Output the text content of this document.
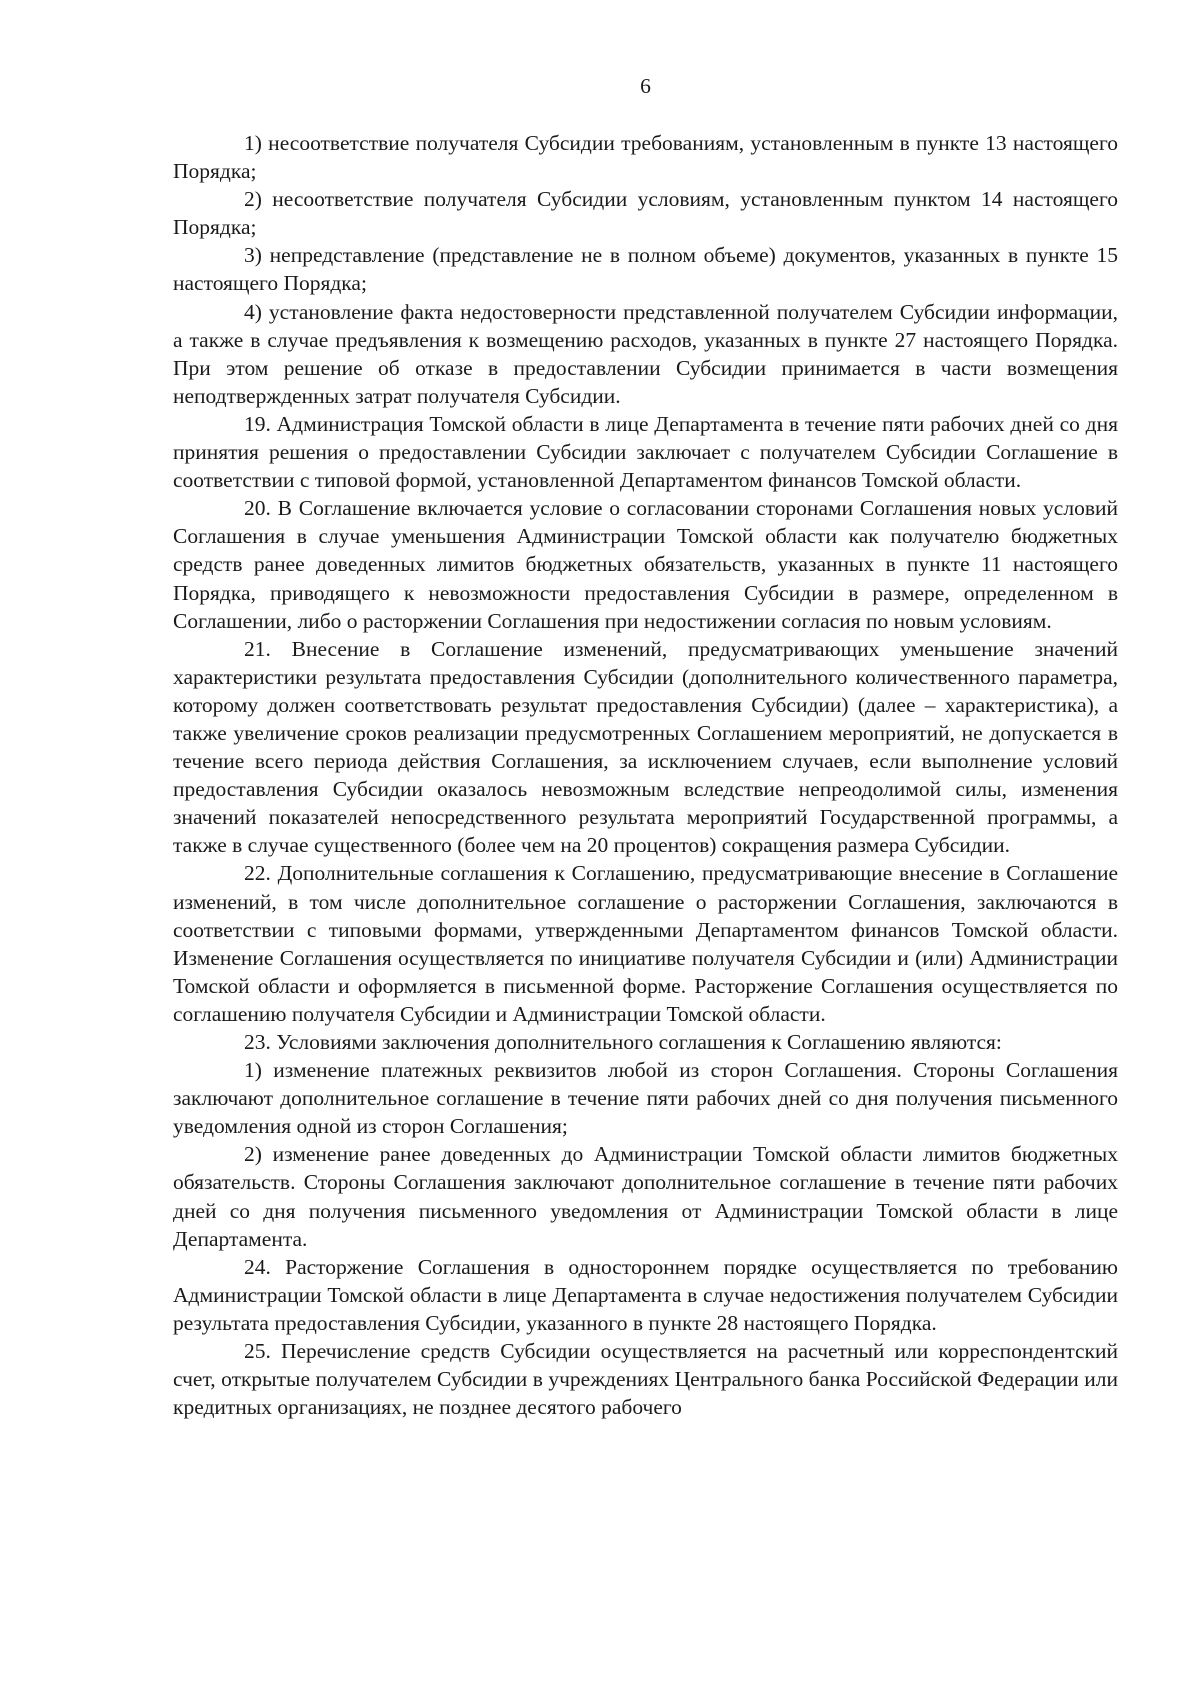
6

1) несоответствие получателя Субсидии требованиям, установленным в пункте 13 настоящего Порядка;

2) несоответствие получателя Субсидии условиям, установленным пунктом 14 настоящего Порядка;

3) непредставление (представление не в полном объеме) документов, указанных в пункте 15 настоящего Порядка;

4) установление факта недостоверности представленной получателем Субсидии информации, а также в случае предъявления к возмещению расходов, указанных в пункте 27 настоящего Порядка. При этом решение об отказе в предоставлении Субсидии принимается в части возмещения неподтвержденных затрат получателя Субсидии.

19. Администрация Томской области в лице Департамента в течение пяти рабочих дней со дня принятия решения о предоставлении Субсидии заключает с получателем Субсидии Соглашение в соответствии с типовой формой, установленной Департаментом финансов Томской области.

20. В Соглашение включается условие о согласовании сторонами Соглашения новых условий Соглашения в случае уменьшения Администрации Томской области как получателю бюджетных средств ранее доведенных лимитов бюджетных обязательств, указанных в пункте 11 настоящего Порядка, приводящего к невозможности предоставления Субсидии в размере, определенном в Соглашении, либо о расторжении Соглашения при недостижении согласия по новым условиям.

21. Внесение в Соглашение изменений, предусматривающих уменьшение значений характеристики результата предоставления Субсидии (дополнительного количественного параметра, которому должен соответствовать результат предоставления Субсидии) (далее – характеристика), а также увеличение сроков реализации предусмотренных Соглашением мероприятий, не допускается в течение всего периода действия Соглашения, за исключением случаев, если выполнение условий предоставления Субсидии оказалось невозможным вследствие непреодолимой силы, изменения значений показателей непосредственного результата мероприятий Государственной программы, а также в случае существенного (более чем на 20 процентов) сокращения размера Субсидии.

22. Дополнительные соглашения к Соглашению, предусматривающие внесение в Соглашение изменений, в том числе дополнительное соглашение о расторжении Соглашения, заключаются в соответствии с типовыми формами, утвержденными Департаментом финансов Томской области. Изменение Соглашения осуществляется по инициативе получателя Субсидии и (или) Администрации Томской области и оформляется в письменной форме. Расторжение Соглашения осуществляется по соглашению получателя Субсидии и Администрации Томской области.

23. Условиями заключения дополнительного соглашения к Соглашению являются:

1) изменение платежных реквизитов любой из сторон Соглашения. Стороны Соглашения заключают дополнительное соглашение в течение пяти рабочих дней со дня получения письменного уведомления одной из сторон Соглашения;

2) изменение ранее доведенных до Администрации Томской области лимитов бюджетных обязательств. Стороны Соглашения заключают дополнительное соглашение в течение пяти рабочих дней со дня получения письменного уведомления от Администрации Томской области в лице Департамента.

24. Расторжение Соглашения в одностороннем порядке осуществляется по требованию Администрации Томской области в лице Департамента в случае недостижения получателем Субсидии результата предоставления Субсидии, указанного в пункте 28 настоящего Порядка.

25. Перечисление средств Субсидии осуществляется на расчетный или корреспондентский счет, открытые получателем Субсидии в учреждениях Центрального банка Российской Федерации или кредитных организациях, не позднее десятого рабочего
